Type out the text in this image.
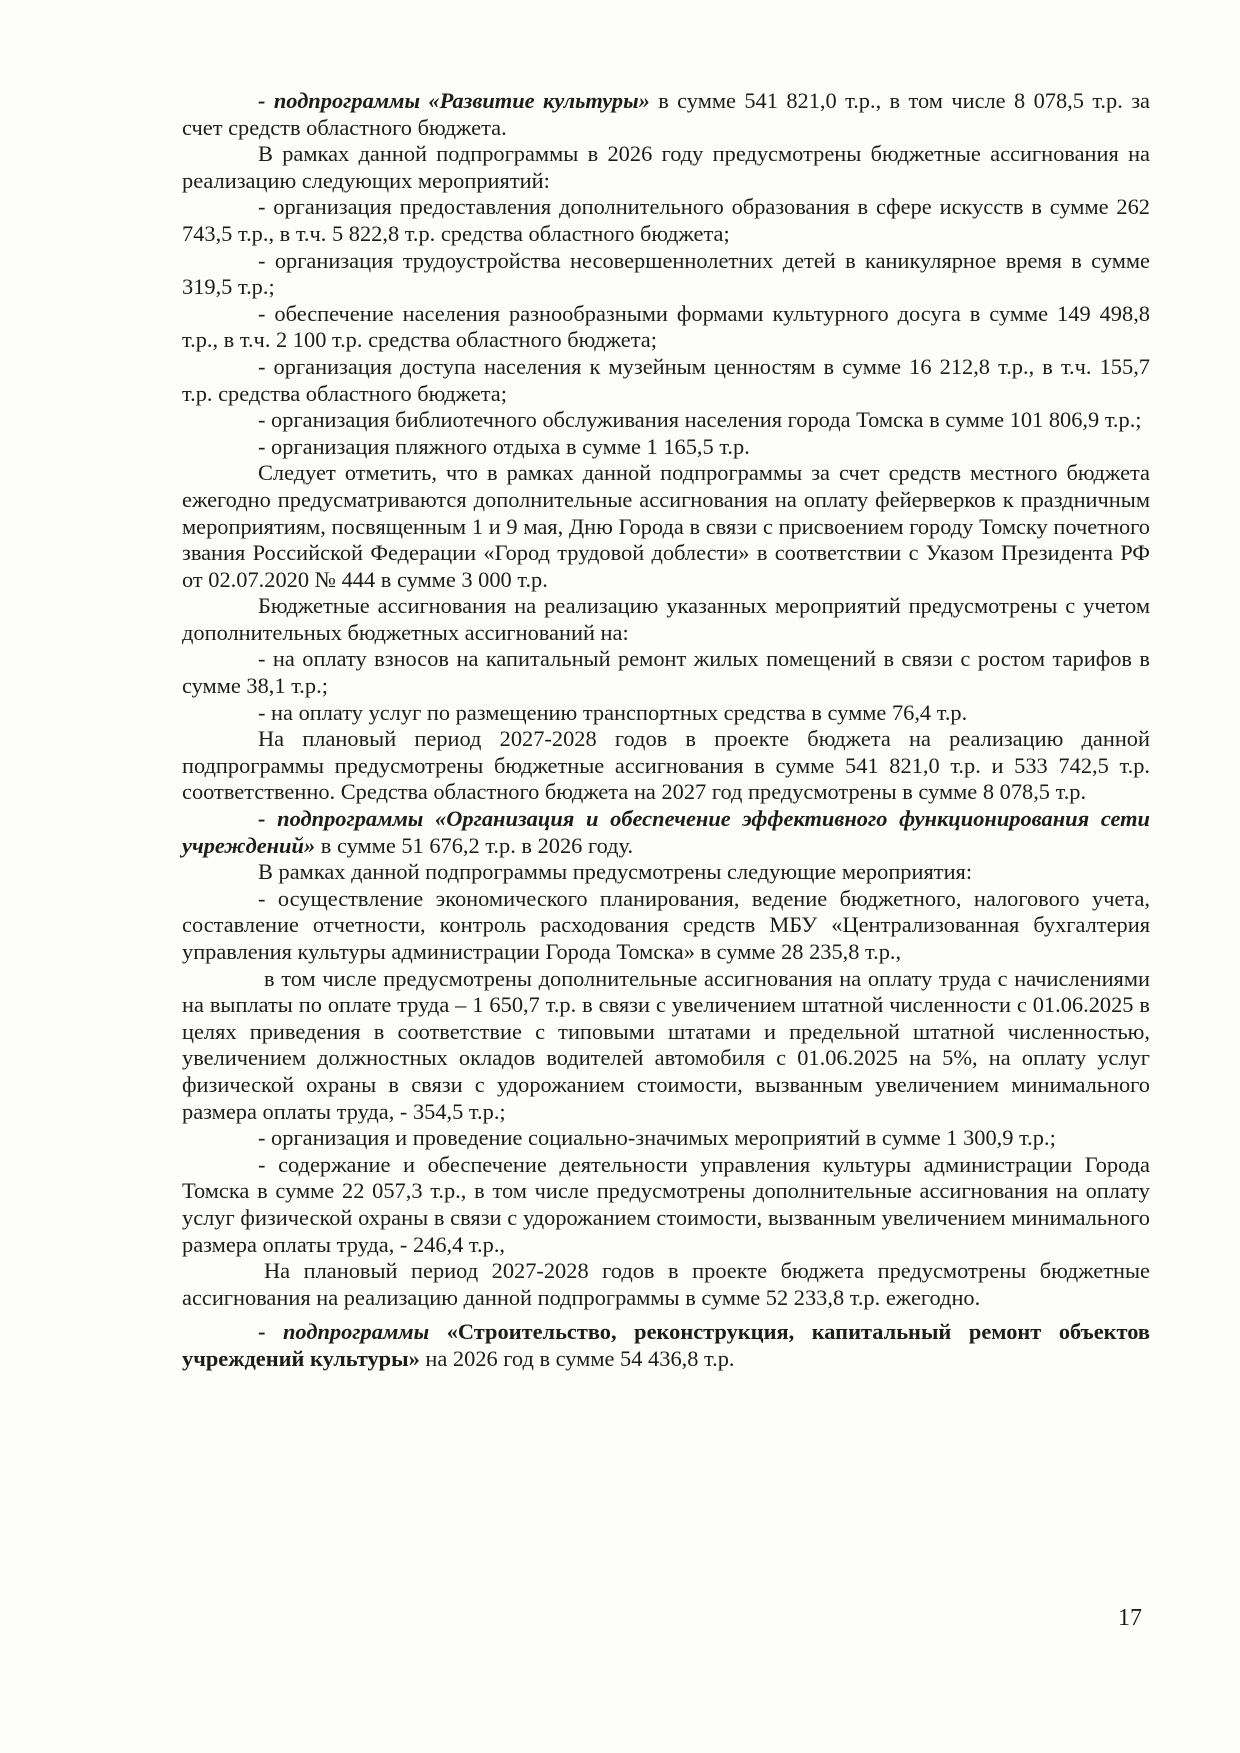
- подпрограммы «Развитие культуры» в сумме 541 821,0 т.р., в том числе 8 078,5 т.р. за счет средств областного бюджета.

В рамках данной подпрограммы в 2026 году предусмотрены бюджетные ассигнования на реализацию следующих мероприятий:

- организация предоставления дополнительного образования в сфере искусств в сумме 262 743,5 т.р., в т.ч. 5 822,8 т.р. средства областного бюджета;

- организация трудоустройства несовершеннолетних детей в каникулярное время в сумме 319,5 т.р.;

- обеспечение населения разнообразными формами культурного досуга в сумме 149 498,8 т.р., в т.ч. 2 100 т.р. средства областного бюджета;

- организация доступа населения к музейным ценностям в сумме 16 212,8 т.р., в т.ч. 155,7 т.р. средства областного бюджета;

- организация библиотечного обслуживания населения города Томска в сумме 101 806,9 т.р.;

- организация пляжного отдыха в сумме 1 165,5 т.р.

Следует отметить, что в рамках данной подпрограммы за счет средств местного бюджета ежегодно предусматриваются дополнительные ассигнования на оплату фейерверков к праздничным мероприятиям, посвященным 1 и 9 мая, Дню Города в связи с присвоением городу Томску почетного звания Российской Федерации «Город трудовой доблести» в соответствии с Указом Президента РФ от 02.07.2020 № 444 в сумме 3 000 т.р.

Бюджетные ассигнования на реализацию указанных мероприятий предусмотрены с учетом дополнительных бюджетных ассигнований на:

- на оплату взносов на капитальный ремонт жилых помещений в связи с ростом тарифов в сумме 38,1 т.р.;

- на оплату услуг по размещению транспортных средства в сумме 76,4 т.р.

На плановый период 2027-2028 годов в проекте бюджета на реализацию данной подпрограммы предусмотрены бюджетные ассигнования в сумме 541 821,0 т.р. и 533 742,5 т.р. соответственно. Средства областного бюджета на 2027 год предусмотрены в сумме 8 078,5 т.р.

- подпрограммы «Организация и обеспечение эффективного функционирования сети учреждений» в сумме 51 676,2 т.р. в 2026 году.

В рамках данной подпрограммы предусмотрены следующие мероприятия:

- осуществление экономического планирования, ведение бюджетного, налогового учета, составление отчетности, контроль расходования средств МБУ «Централизованная бухгалтерия управления культуры администрации Города Томска» в сумме 28 235,8 т.р.,

в том числе предусмотрены дополнительные ассигнования на оплату труда с начислениями на выплаты по оплате труда – 1 650,7 т.р. в связи с увеличением штатной численности с 01.06.2025 в целях приведения в соответствие с типовыми штатами и предельной штатной численностью, увеличением должностных окладов водителей автомобиля с 01.06.2025 на 5%, на оплату услуг физической охраны в связи с удорожанием стоимости, вызванным увеличением минимального размера оплаты труда, - 354,5 т.р.;

- организация и проведение социально-значимых мероприятий в сумме 1 300,9 т.р.;

- содержание и обеспечение деятельности управления культуры администрации Города Томска в сумме 22 057,3 т.р., в том числе предусмотрены дополнительные ассигнования на оплату услуг физической охраны в связи с удорожанием стоимости, вызванным увеличением минимального размера оплаты труда, - 246,4 т.р.,

На плановый период 2027-2028 годов в проекте бюджета предусмотрены бюджетные ассигнования на реализацию данной подпрограммы в сумме 52 233,8 т.р. ежегодно.

- подпрограммы «Строительство, реконструкция, капитальный ремонт объектов учреждений культуры» на 2026 год в сумме 54 436,8 т.р.

17
